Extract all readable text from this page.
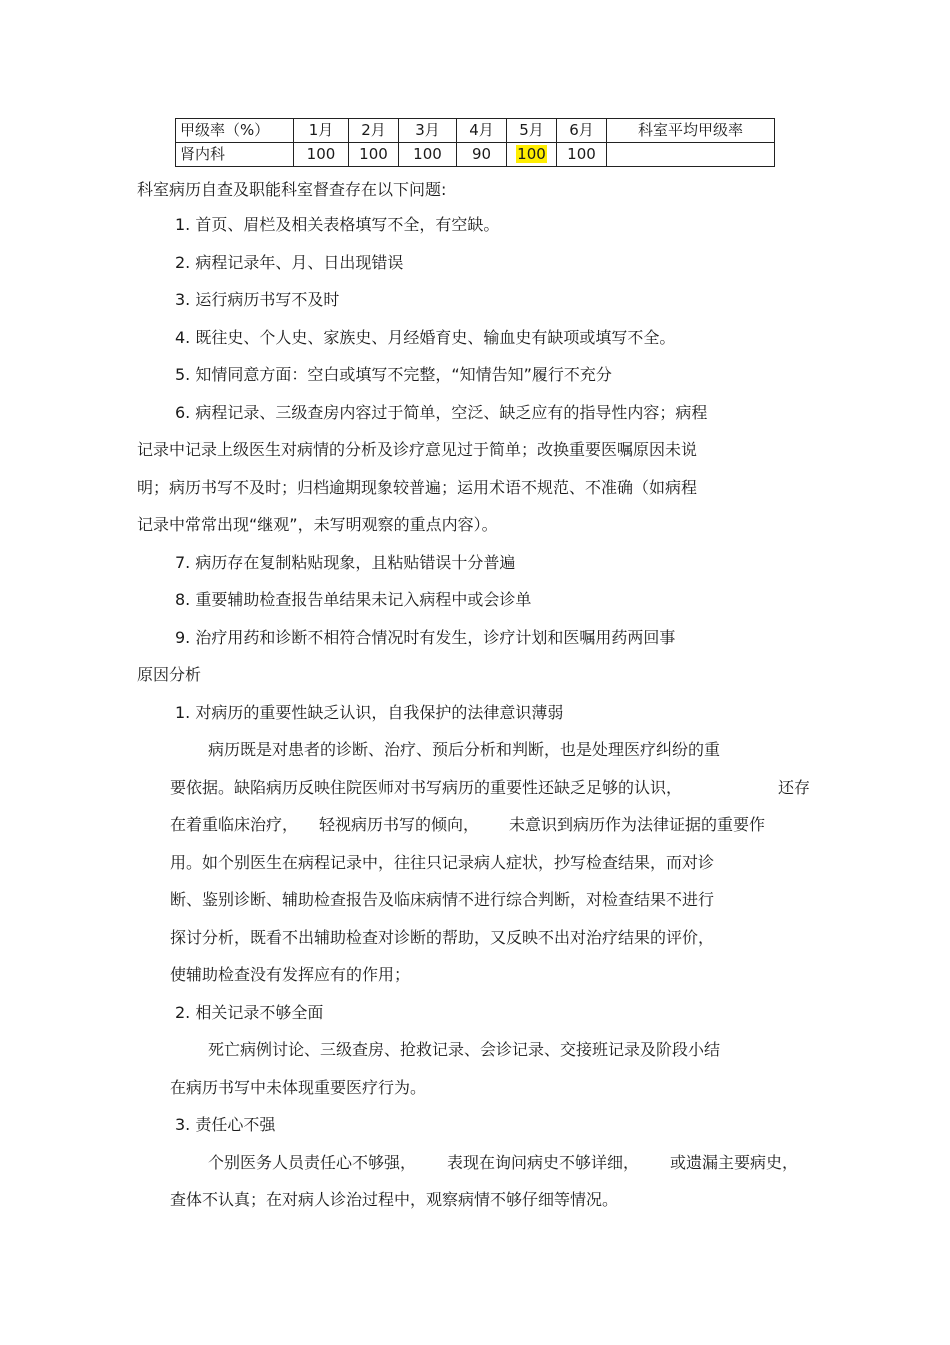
甲级率（%）	1月	2月	3月	4月	5月	6月	科室平均甲级率
肾内科	100	100	100	90	100	100	
科室病历自查及职能科室督查存在以下问题:
1. 首页、眉栏及相关表格填写不全，有空缺。
2. 病程记录年、月、日出现错误
3. 运行病历书写不及时
4. 既往史、个人史、家族史、月经婚育史、输血史有缺项或填写不全。
5. 知情同意方面：空白或填写不完整，“知情告知”履行不充分
6. 病程记录、三级查房内容过于简单，空泛、缺乏应有的指导性内容；病程
记录中记录上级医生对病情的分析及诊疗意见过于简单；改换重要医嘱原因未说
明；病历书写不及时；归档逾期现象较普遍；运用术语不规范、不准确（如病程
记录中常常出现“继观”，未写明观察的重点内容）。
7. 病历存在复制粘贴现象，且粘贴错误十分普遍
8. 重要辅助检查报告单结果未记入病程中或会诊单
9. 治疗用药和诊断不相符合情况时有发生，诊疗计划和医嘱用药两回事
原因分析
1. 对病历的重要性缺乏认识，自我保护的法律意识薄弱
病历既是对患者的诊断、治疗、预后分析和判断，也是处理医疗纠纷的重
要依据。缺陷病历反映住院医师对书写病历的重要性还缺乏足够的认识，	还存
在着重临床治疗， 轻视病历书写的倾向， 未意识到病历作为法律证据的重要作
用。如个别医生在病程记录中，往往只记录病人症状，抄写检查结果，而对诊
断、鉴别诊断、辅助检查报告及临床病情不进行综合判断，对检查结果不进行
探讨分析，既看不出辅助检查对诊断的帮助，又反映不出对治疗结果的评价，
使辅助检查没有发挥应有的作用；
2. 相关记录不够全面
死亡病例讨论、三级查房、抢救记录、会诊记录、交接班记录及阶段小结
在病历书写中未体现重要医疗行为。
3. 责任心不强
个别医务人员责任心不够强， 表现在询问病史不够详细， 或遗漏主要病史，
查体不认真；在对病人诊治过程中，观察病情不够仔细等情况。
